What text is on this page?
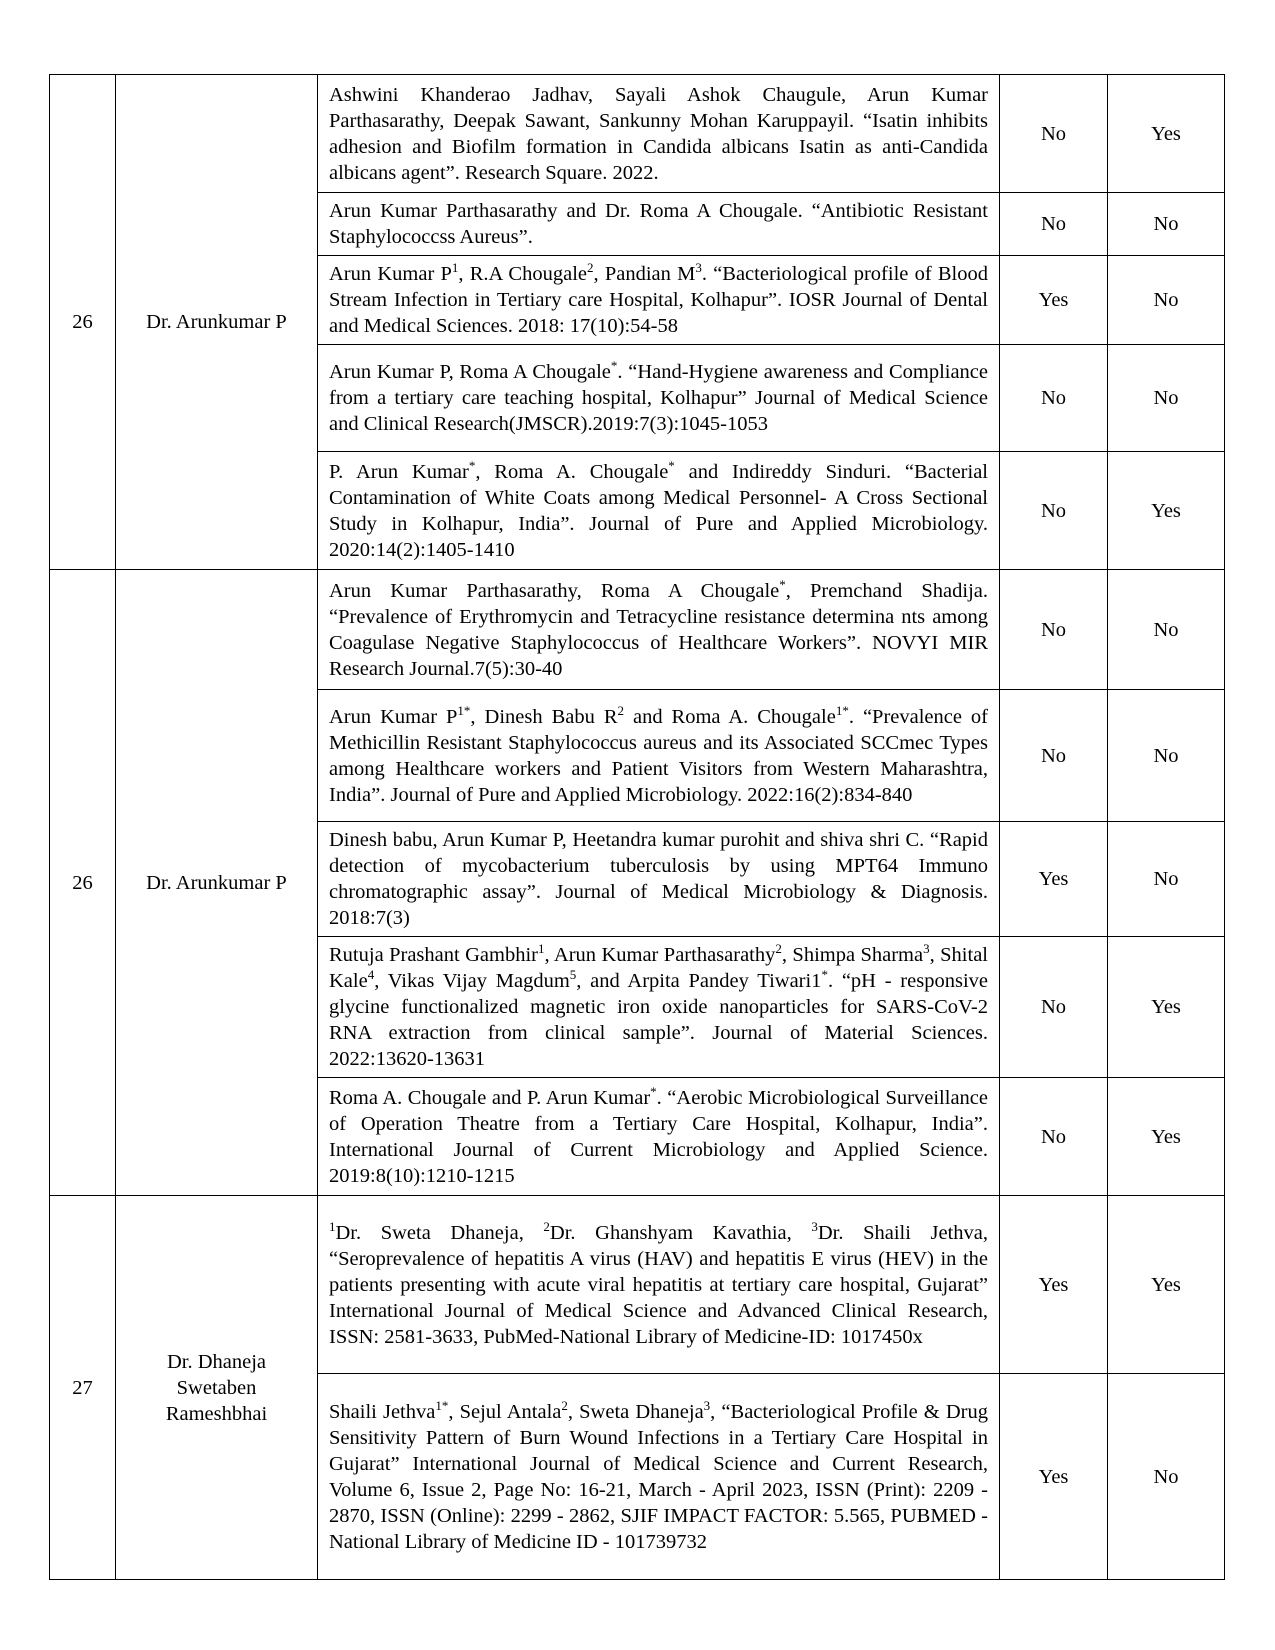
26	Dr. Arunkumar P	Ashwini Khanderao Jadhav, Sayali Ashok Chaugule, Arun Kumar Parthasarathy, Deepak Sawant, Sankunny Mohan Karuppayil. “Isatin inhibits adhesion and Biofilm formation in Candida albicans Isatin as anti-Candida albicans agent”. Research Square. 2022.	No	Yes
		Arun Kumar Parthasarathy and Dr. Roma A Chougale. “Antibiotic Resistant Staphylococcss Aureus”.	No	No
		Arun Kumar $P^1$, R.A Chougale$^2$, Pandian $M^3$. “Bacteriological profile of Blood Stream Infection in Tertiary care Hospital, Kolhapur”. IOSR Journal of Dental and Medical Sciences. 2018: 17(10):54-58	Yes	No
		Arun Kumar P, Roma A Chougale*. “Hand-Hygiene awareness and Compliance from a tertiary care teaching hospital, Kolhapur” Journal of Medical Science and Clinical Research(JMSCR).2019:7(3):1045-1053	No	No
		P. Arun Kumar*, Roma A. Chougale* and Indireddy Sinduri. “Bacterial Contamination of White Coats among Medical Personnel- A Cross Sectional Study in Kolhapur, India”. Journal of Pure and Applied Microbiology. 2020:14(2):1405-1410	No	Yes
26	Dr. Arunkumar P	Arun Kumar Parthasarathy, Roma A Chougale*, Premchand Shadija. “Prevalence of Erythromycin and Tetracycline resistance determina nts among Coagulase Negative Staphylococcus of Healthcare Workers”. NOVYI MIR Research Journal.7(5):30-40	No	No
		Arun Kumar $P^{1*}$, Dinesh Babu $R^2$ and Roma A. Chougale$^{1*}$. “Prevalence of Methicillin Resistant Staphylococcus aureus and its Associated SCCmec Types among Healthcare workers and Patient Visitors from Western Maharashtra, India”. Journal of Pure and Applied Microbiology. 2022:16(2):834-840	No	No
		Dinesh babu, Arun Kumar P, Heetandra kumar purohit and shiva shri C. “Rapid detection of mycobacterium tuberculosis by using MPT64 Immuno chromatographic assay”. Journal of Medical Microbiology & Diagnosis. 2018:7(3)	Yes	No
		Rutuja Prashant Gambhir$^1$, Arun Kumar Parthasarathy$^2$, Shimpa Sharma$^3$, Shital Kale$^4$, Vikas Vijay Magdum$^5$, and Arpita Pandey Tiwari1*. “pH - responsive glycine functionalized magnetic iron oxide nanoparticles for SARS-CoV-2 RNA extraction from clinical sample”. Journal of Material Sciences. 2022:13620-13631	No	Yes
		Roma A. Chougale and P. Arun Kumar*. “Aerobic Microbiological Surveillance of Operation Theatre from a Tertiary Care Hospital, Kolhapur, India”. International Journal of Current Microbiology and Applied Science. 2019:8(10):1210-1215	No	Yes
27	Dr. Dhaneja Swetaben Rameshbhai	$^1$Dr. Sweta Dhaneja, $^2$Dr. Ghanshyam Kavathia, $^3$Dr. Shaili Jethva, “Seroprevalence of hepatitis A virus (HAV) and hepatitis E virus (HEV) in the patients presenting with acute viral hepatitis at tertiary care hospital, Gujarat” International Journal of Medical Science and Advanced Clinical Research, ISSN: 2581-3633, PubMed-National Library of Medicine-ID: 1017450x	Yes	Yes
		Shaili Jethva$^{1*}$, Sejul Antala$^2$, Sweta Dhaneja$^3$, “Bacteriological Profile & Drug Sensitivity Pattern of Burn Wound Infections in a Tertiary Care Hospital in Gujarat” International Journal of Medical Science and Current Research, Volume 6, Issue 2, Page No: 16-21, March - April 2023, ISSN (Print): 2209 - 2870, ISSN (Online): 2299 - 2862, SJIF IMPACT FACTOR: 5.565, PUBMED - National Library of Medicine ID - 101739732	Yes	No
